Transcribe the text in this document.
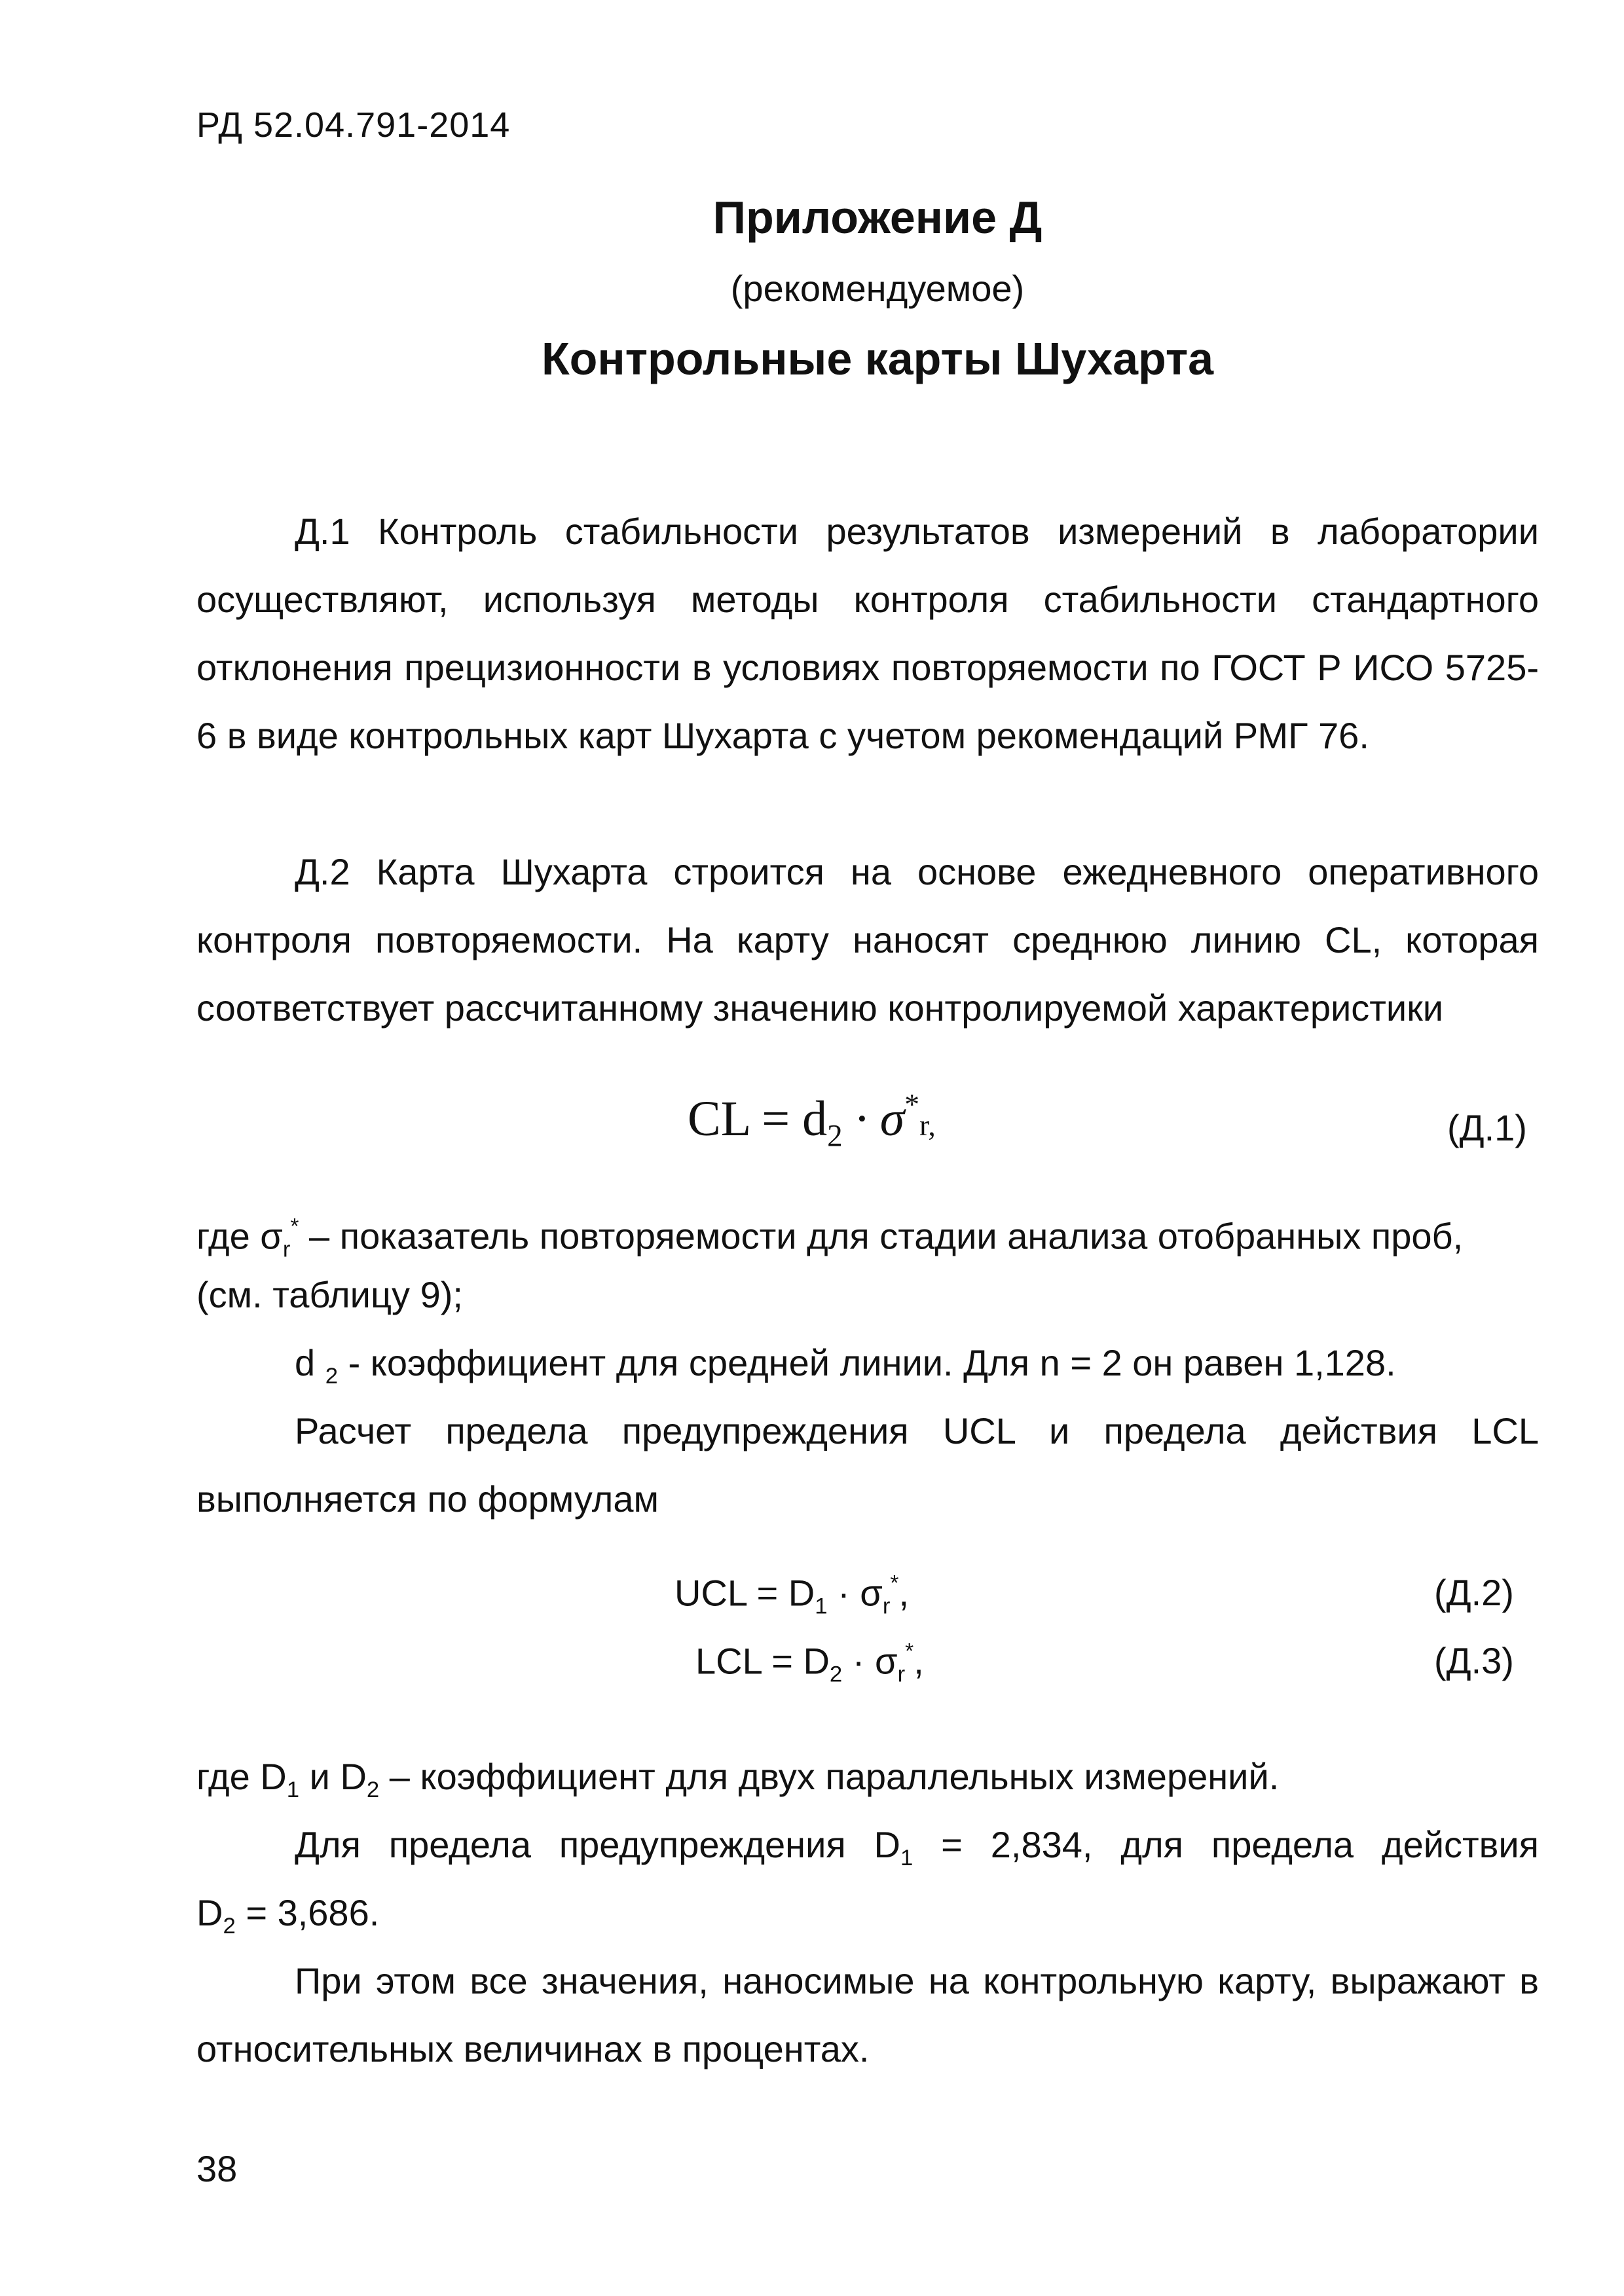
РД 52.04.791-2014
Приложение Д
(рекомендуемое)
Контрольные карты Шухарта
Д.1 Контроль стабильности результатов измерений в лаборатории осуществляют, используя методы контроля стабильности стандартного отклонения прецизионности в условиях повторяемости по ГОСТ Р ИСО 5725-6 в виде контрольных карт Шухарта с учетом рекомендаций РМГ 76.
Д.2 Карта Шухарта строится на основе ежедневного оперативного контроля повторяемости. На карту наносят среднюю линию CL, которая соответствует рассчитанному значению контролируемой характеристики
CL = $d_2 \cdot \sigma^*r$,	(Д.1)
где $\sigma_r^*$ – показатель повторяемости для стадии анализа отобранных проб,
(см. таблицу 9);
d $_2$ - коэффициент для средней линии. Для n = 2 он равен 1,128.
Расчет предела предупреждения UCL и предела действия LCL выполняется по формулам
UCL = $D_1 \cdot \sigma_r^*$,	(Д.2)
LCL = $D_2 \cdot \sigma_r^*$,	(Д.3)
где $D_1$ и $D_2$ – коэффициент для двух параллельных измерений.
Для предела предупреждения $D_1 = 2,834$, для предела действия
$D_2 = 3,686$.
При этом все значения, наносимые на контрольную карту, выражают в относительных величинах в процентах.
38
